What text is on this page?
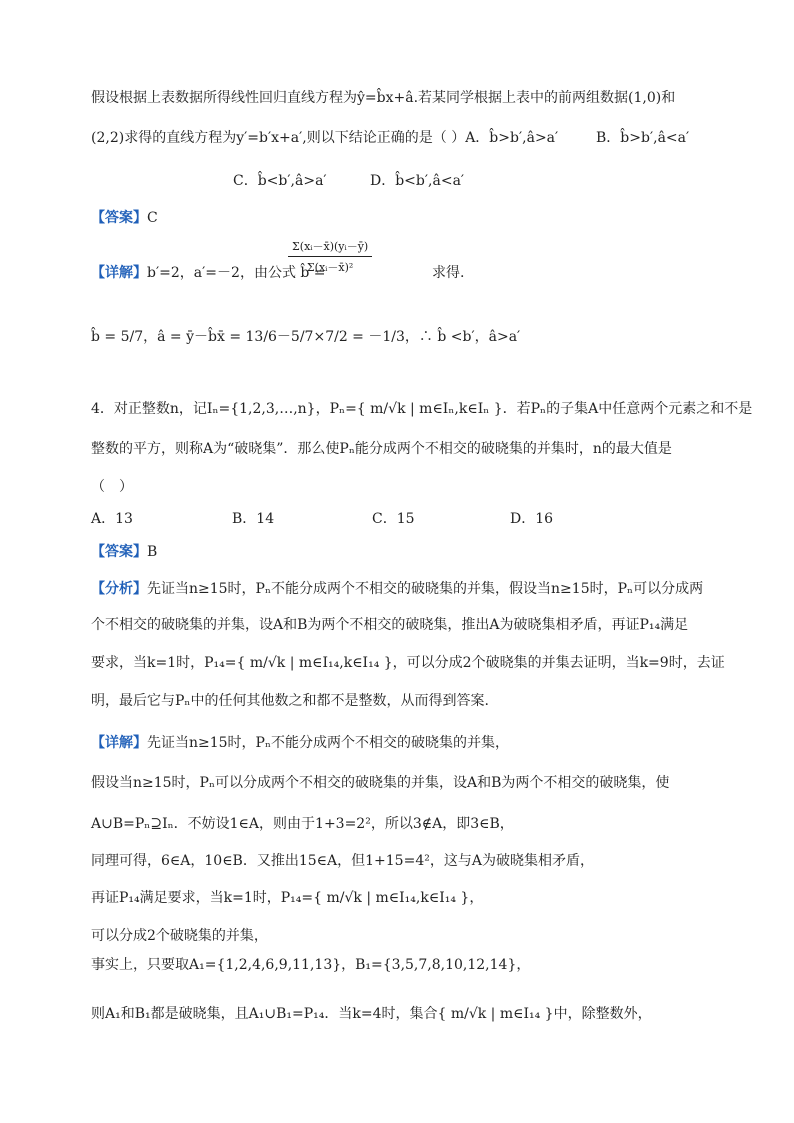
假设根据上表数据所得线性回归直线方程为ŷ=b̂x+â.若某同学根据上表中的前两组数据(1,0)和
(2,2)求得的直线方程为y′=b′x+a′,则以下结论正确的是（ ）A．b̂>b′,â>a′	B．b̂>b′,â<a′
C．b̂<b′,â>a′	D．b̂<b′,â<a′
【答案】C
【详解】b′=2，a′=－2，由公式 b̂ =
$\frac{\text{Σ(xᵢ－x̄)(yᵢ－ȳ)}}{\text{Σ(xᵢ－x̄)²}}$	求得.
b̂ = 5/7，â = ȳ－b̂x̄ = 13/6－5/7×7/2 = －1/3，∴ b̂ <b′，â>a′
4．对正整数n，记Iₙ={1,2,3,…,n}，Pₙ={ m/√k | m∈Iₙ,k∈Iₙ }．若Pₙ的子集A中任意两个元素之和不是
整数的平方，则称A为“破晓集”．那么使Pₙ能分成两个不相交的破晓集的并集时，n的最大值是
（　）
A．13	B．14	C．15	D．16
【答案】B
【分析】先证当n≥15时，Pₙ不能分成两个不相交的破晓集的并集，假设当n≥15时，Pₙ可以分成两
个不相交的破晓集的并集，设A和B为两个不相交的破晓集，推出A为破晓集相矛盾，再证P₁₄满足
要求，当k=1时，P₁₄={ m/√k | m∈I₁₄,k∈I₁₄ }，可以分成2个破晓集的并集去证明，当k=9时，去证
明，最后它与Pₙ中的任何其他数之和都不是整数，从而得到答案.
【详解】先证当n≥15时，Pₙ不能分成两个不相交的破晓集的并集，
假设当n≥15时，Pₙ可以分成两个不相交的破晓集的并集，设A和B为两个不相交的破晓集，使
A∪B=Pₙ⊇Iₙ．不妨设1∈A，则由于1+3=2²，所以3∉A，即3∈B，
同理可得，6∈A，10∈B．又推出15∈A，但1+15=4²，这与A为破晓集相矛盾，
再证P₁₄满足要求，当k=1时，P₁₄={ m/√k | m∈I₁₄,k∈I₁₄ }，
可以分成2个破晓集的并集，
事实上，只要取A₁={1,2,4,6,9,11,13}，B₁={3,5,7,8,10,12,14}，
则A₁和B₁都是破晓集，且A₁∪B₁=P₁₄．当k=4时，集合{ m/√k | m∈I₁₄ }中，除整数外，
